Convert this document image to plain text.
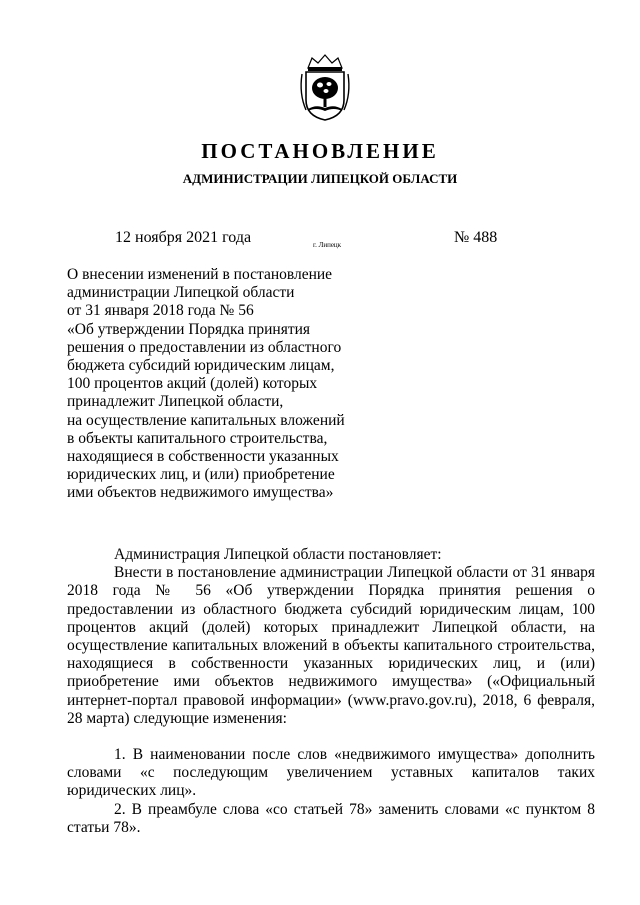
ПОСТАНОВЛЕНИЕ
АДМИНИСТРАЦИИ ЛИПЕЦКОЙ ОБЛАСТИ
12 ноября 2021 года	г. Липецк	№ 488
О внесении изменений в постановление
администрации Липецкой области
от 31 января 2018 года № 56
«Об утверждении Порядка принятия
решения о предоставлении из областного
бюджета субсидий юридическим лицам,
100 процентов акций (долей) которых
принадлежит Липецкой области,
на осуществление капитальных вложений
в объекты капитального строительства,
находящиеся в собственности указанных
юридических лиц, и (или) приобретение
ими объектов недвижимого имущества»

Администрация Липецкой области постановляет:

Внести в постановление администрации Липецкой области от 31 января 2018 года № 56 «Об утверждении Порядка принятия решения о предоставлении из областного бюджета субсидий юридическим лицам, 100 процентов акций (долей) которых принадлежит Липецкой области, на осуществление капитальных вложений в объекты капитального строительства, находящиеся в собственности указанных юридических лиц, и (или) приобретение ими объектов недвижимого имущества» («Официальный интернет-портал правовой информации» (www.pravo.gov.ru), 2018, 6 февраля, 28 марта) следующие изменения:

1. В наименовании после слов «недвижимого имущества» дополнить словами «с последующим увеличением уставных капиталов таких юридических лиц».

2. В преамбуле слова «со статьей 78» заменить словами «с пунктом 8 статьи 78».
